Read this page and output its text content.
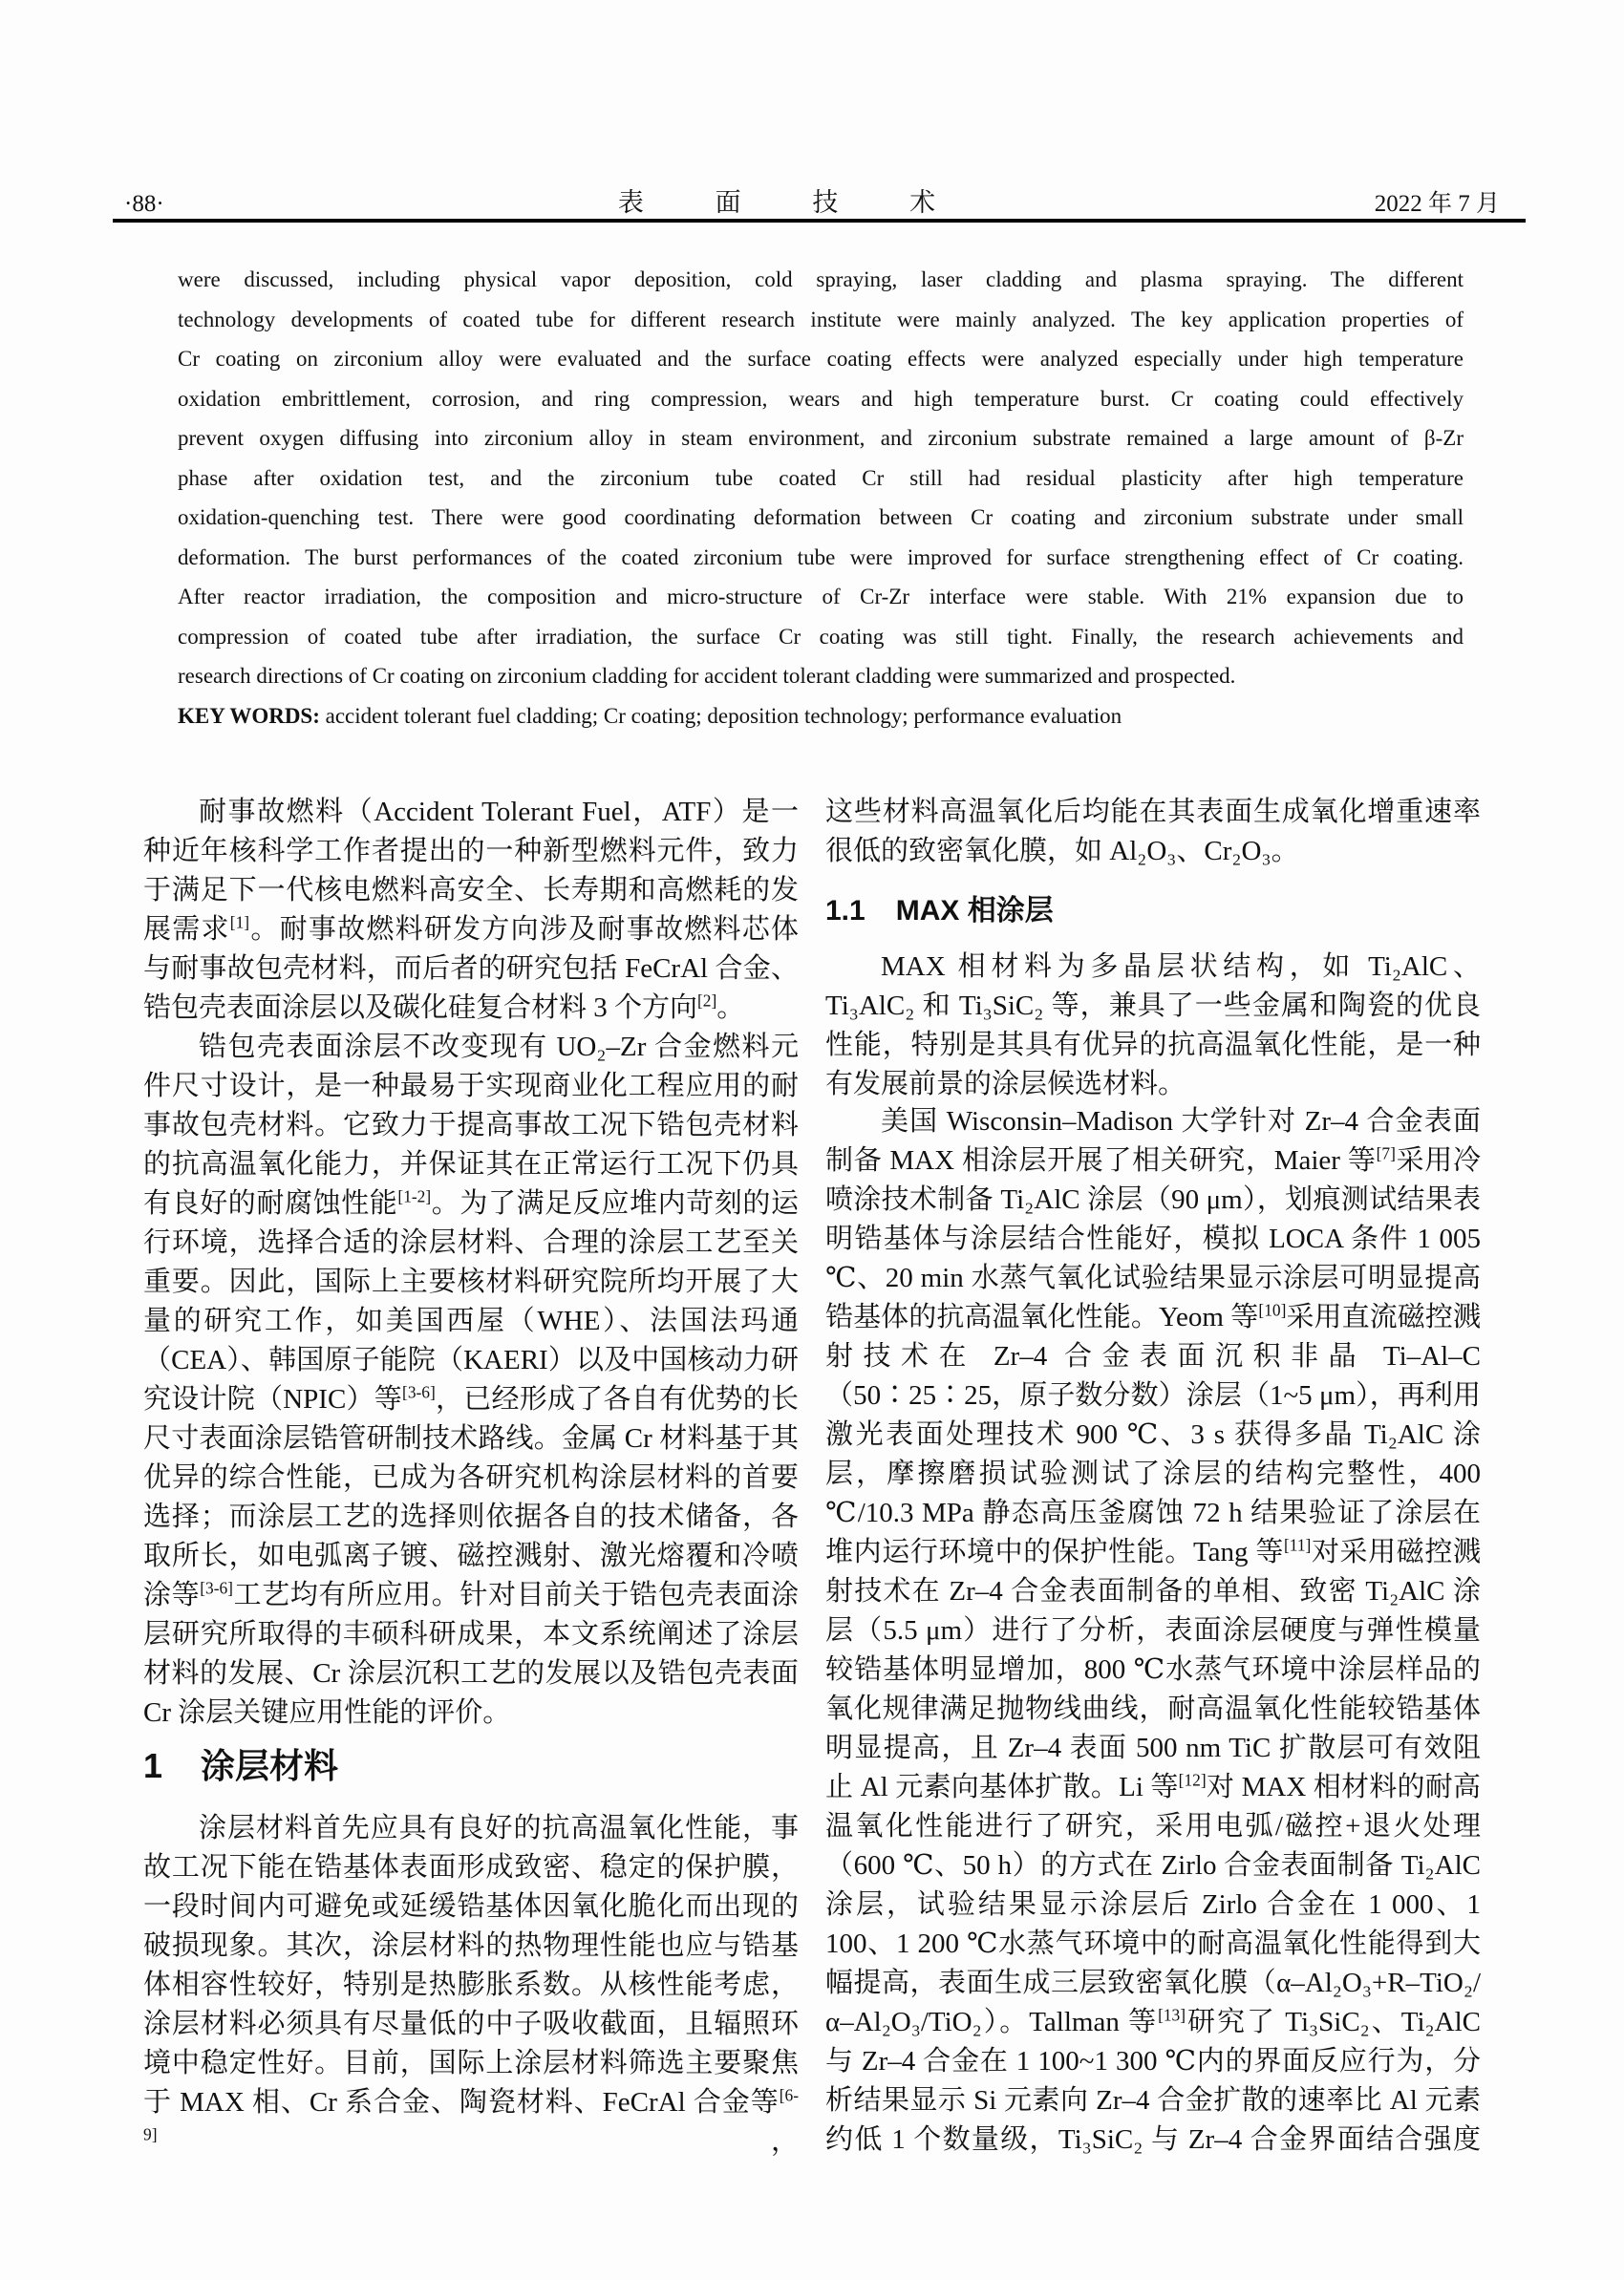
·88·	表 面 技 术	2022 年 7 月
were discussed, including physical vapor deposition, cold spraying, laser cladding and plasma spraying. The different
technology developments of coated tube for different research institute were mainly analyzed. The key application properties of
Cr coating on zirconium alloy were evaluated and the surface coating effects were analyzed especially under high temperature
oxidation embrittlement, corrosion, and ring compression, wears and high temperature burst. Cr coating could effectively
prevent oxygen diffusing into zirconium alloy in steam environment, and zirconium substrate remained a large amount of β-Zr
phase after oxidation test, and the zirconium tube coated Cr still had residual plasticity after high temperature
oxidation-quenching test. There were good coordinating deformation between Cr coating and zirconium substrate under small
deformation. The burst performances of the coated zirconium tube were improved for surface strengthening effect of Cr coating.
After reactor irradiation, the composition and micro-structure of Cr-Zr interface were stable. With 21% expansion due to
compression of coated tube after irradiation, the surface Cr coating was still tight. Finally, the research achievements and
research directions of Cr coating on zirconium cladding for accident tolerant cladding were summarized and prospected.
KEY WORDS: accident tolerant fuel cladding; Cr coating; deposition technology; performance evaluation
耐事故燃料（Accident Tolerant Fuel，ATF）是一种近年核科学工作者提出的一种新型燃料元件，致力于满足下一代核电燃料高安全、长寿期和高燃耗的发展需求[1]。耐事故燃料研发方向涉及耐事故燃料芯体与耐事故包壳材料，而后者的研究包括 FeCrAl 合金、锆包壳表面涂层以及碳化硅复合材料 3 个方向[2]。
锆包壳表面涂层不改变现有 UO₂–Zr 合金燃料元件尺寸设计，是一种最易于实现商业化工程应用的耐事故包壳材料。它致力于提高事故工况下锆包壳材料的抗高温氧化能力，并保证其在正常运行工况下仍具有良好的耐腐蚀性能[1-2]。为了满足反应堆内苛刻的运行环境，选择合适的涂层材料、合理的涂层工艺至关重要。因此，国际上主要核材料研究院所均开展了大量的研究工作，如美国西屋（WHE）、法国法玛通（CEA）、韩国原子能院（KAERI）以及中国核动力研究设计院（NPIC）等[3-6]，已经形成了各自有优势的长尺寸表面涂层锆管研制技术路线。金属 Cr 材料基于其优异的综合性能，已成为各研究机构涂层材料的首要选择；而涂层工艺的选择则依据各自的技术储备，各取所长，如电弧离子镀、磁控溅射、激光熔覆和冷喷涂等[3-6]工艺均有所应用。针对目前关于锆包壳表面涂层研究所取得的丰硕科研成果，本文系统阐述了涂层材料的发展、Cr 涂层沉积工艺的发展以及锆包壳表面 Cr 涂层关键应用性能的评价。
1 涂层材料
涂层材料首先应具有良好的抗高温氧化性能，事故工况下能在锆基体表面形成致密、稳定的保护膜，一段时间内可避免或延缓锆基体因氧化脆化而出现的破损现象。其次，涂层材料的热物理性能也应与锆基体相容性较好，特别是热膨胀系数。从核性能考虑，涂层材料必须具有尽量低的中子吸收截面，且辐照环境中稳定性好。目前，国际上涂层材料筛选主要聚焦于 MAX 相、Cr 系合金、陶瓷材料、FeCrAl 合金等[6-9]，
这些材料高温氧化后均能在其表面生成氧化增重速率很低的致密氧化膜，如 Al₂O₃、Cr₂O₃。
1.1 MAX 相涂层
MAX 相材料为多晶层状结构，如 Ti₂AlC、Ti₃AlC₂ 和 Ti₃SiC₂ 等，兼具了一些金属和陶瓷的优良性能，特别是其具有优异的抗高温氧化性能，是一种有发展前景的涂层候选材料。
美国 Wisconsin–Madison 大学针对 Zr–4 合金表面制备 MAX 相涂层开展了相关研究，Maier 等[7]采用冷喷涂技术制备 Ti₂AlC 涂层（90 μm），划痕测试结果表明锆基体与涂层结合性能好，模拟 LOCA 条件 1 005 ℃、20 min 水蒸气氧化试验结果显示涂层可明显提高锆基体的抗高温氧化性能。Yeom 等[10]采用直流磁控溅射技术在 Zr–4 合金表面沉积非晶 Ti–Al–C（50∶25∶25，原子数分数）涂层（1~5 μm），再利用激光表面处理技术 900 ℃、3 s 获得多晶 Ti₂AlC 涂层，摩擦磨损试验测试了涂层的结构完整性，400 ℃/10.3 MPa 静态高压釜腐蚀 72 h 结果验证了涂层在堆内运行环境中的保护性能。Tang 等[11]对采用磁控溅射技术在 Zr–4 合金表面制备的单相、致密 Ti₂AlC 涂层（5.5 μm）进行了分析，表面涂层硬度与弹性模量较锆基体明显增加，800 ℃水蒸气环境中涂层样品的氧化规律满足抛物线曲线，耐高温氧化性能较锆基体明显提高，且 Zr–4 表面 500 nm TiC 扩散层可有效阻止 Al 元素向基体扩散。Li 等[12]对 MAX 相材料的耐高温氧化性能进行了研究，采用电弧/磁控+退火处理（600 ℃、50 h）的方式在 Zirlo 合金表面制备 Ti₂AlC 涂层，试验结果显示涂层后 Zirlo 合金在 1 000、1 100、1 200 ℃水蒸气环境中的耐高温氧化性能得到大幅提高，表面生成三层致密氧化膜（α–Al₂O₃+R–TiO₂/α–Al₂O₃/TiO₂）。Tallman 等[13]研究了 Ti₃SiC₂、Ti₂AlC 与 Zr–4 合金在 1 100~1 300 ℃内的界面反应行为，分析结果显示 Si 元素向 Zr–4 合金扩散的速率比 Al 元素约低 1 个数量级，Ti₃SiC₂ 与 Zr–4 合金界面结合强度
